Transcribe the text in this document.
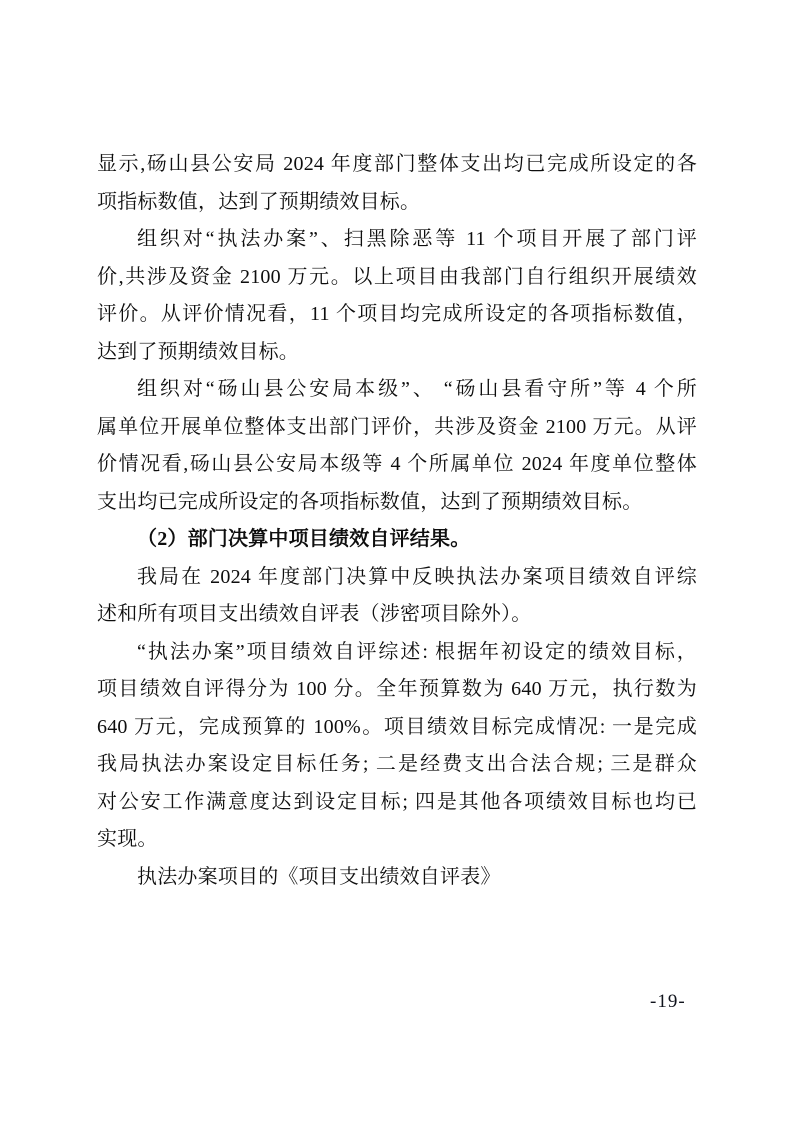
显示,砀山县公安局 2024 年度部门整体支出均已完成所设定的各
项指标数值，达到了预期绩效目标。
组织对“执法办案”、扫黑除恶等 11 个项目开展了部门评
价,共涉及资金 2100 万元。以上项目由我部门自行组织开展绩效
评价。从评价情况看，11 个项目均完成所设定的各项指标数值，
达到了预期绩效目标。
组织对“砀山县公安局本级”、 “砀山县看守所”等 4 个所
属单位开展单位整体支出部门评价，共涉及资金 2100 万元。从评
价情况看,砀山县公安局本级等 4 个所属单位 2024 年度单位整体
支出均已完成所设定的各项指标数值，达到了预期绩效目标。
（2）部门决算中项目绩效自评结果。
我局在 2024 年度部门决算中反映执法办案项目绩效自评综
述和所有项目支出绩效自评表（涉密项目除外）。
“执法办案”项目绩效自评综述: 根据年初设定的绩效目标，
项目绩效自评得分为 100 分。全年预算数为 640 万元，执行数为
640 万元，完成预算的 100%。项目绩效目标完成情况: 一是完成
我局执法办案设定目标任务; 二是经费支出合法合规; 三是群众
对公安工作满意度达到设定目标; 四是其他各项绩效目标也均已
实现。
执法办案项目的《项目支出绩效自评表》
-19-
